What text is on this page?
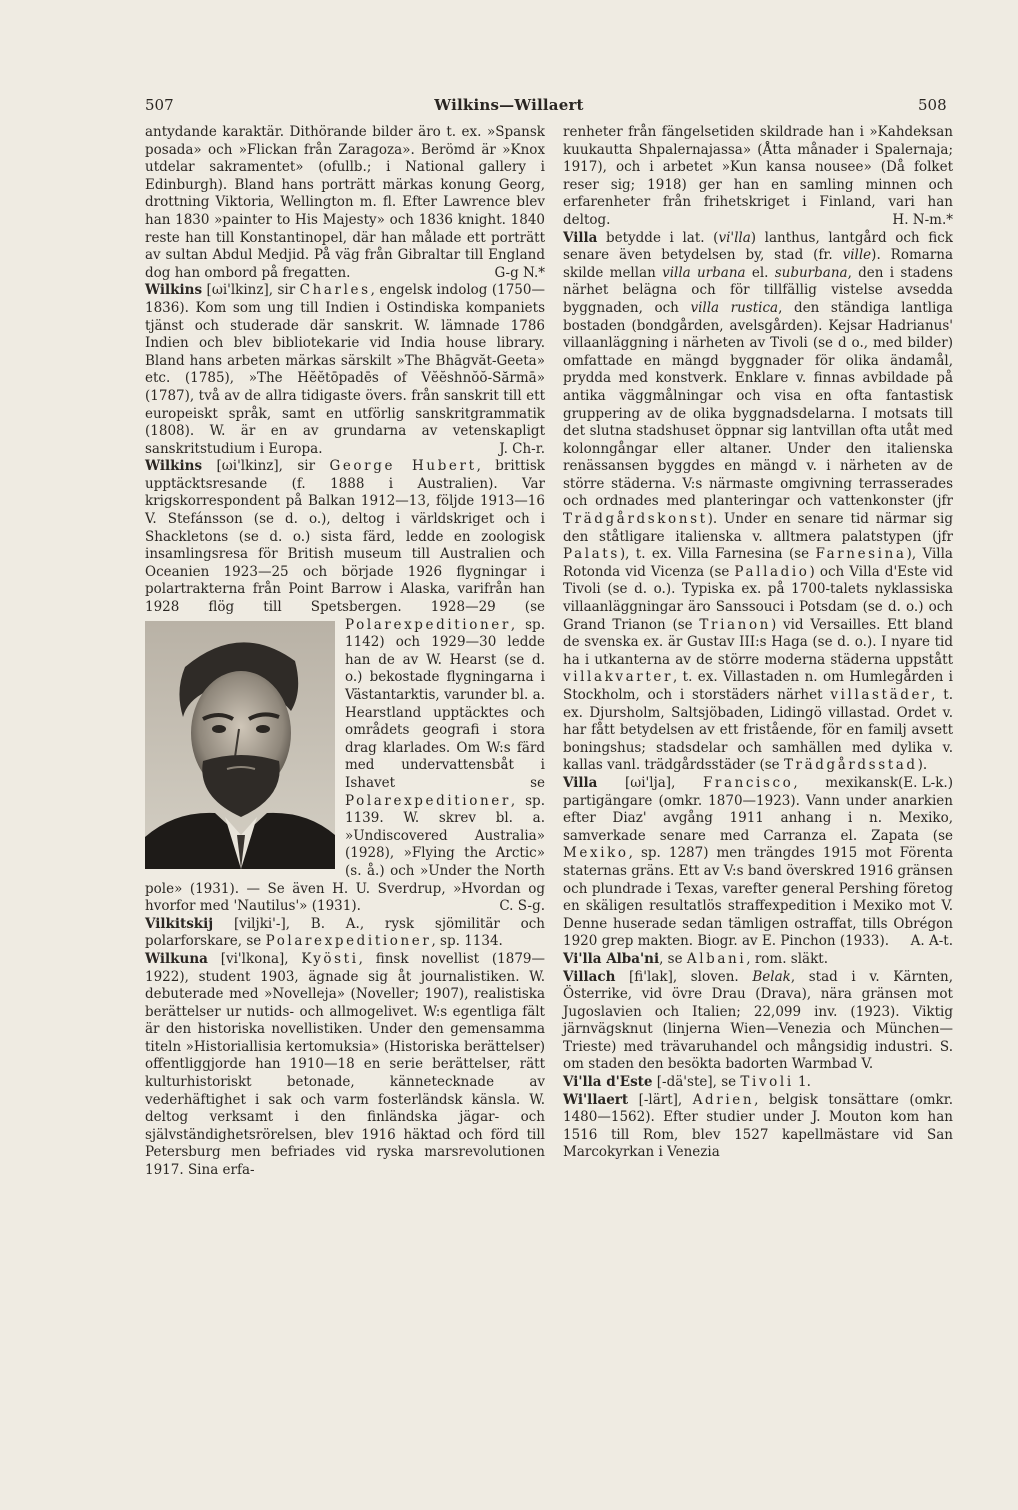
Wilkins—Willaert
507	508

antydande karaktär. Dithörande bilder äro t. ex. »Spansk posada» och »Flickan från Zaragoza». Berömd är »Knox utdelar sakramentet» (ofullb.; i National gallery i Edinburgh). Bland hans porträtt märkas konung Georg, drottning Viktoria, Wellington m. fl. Efter Lawrence blev han 1830 »painter to His Majesty» och 1836 knight. 1840 reste han till Konstantinopel, där han målade ett porträtt av sultan Abdul Medjid. På väg från Gibraltar till England dog han ombord på fregatten.	G-g N.*

Wilkins [ωi'lkinz], sir Charles, engelsk indolog (1750—1836). Kom som ung till Indien i Ostindiska kompaniets tjänst och studerade där sanskrit. W. lämnade 1786 Indien och blev bibliotekarie vid India house library. Bland hans arbeten märkas särskilt »The Bhāgvăt-Geeta» etc. (1785), »The Hĕĕtōpadēs of Vĕĕshnŏŏ-Sărmā» (1787), två av de allra tidigaste övers. från sanskrit till ett europeiskt språk, samt en utförlig sanskritgrammatik (1808). W. är en av grundarna av vetenskapligt sanskritstudium i Europa.	J. Ch-r.

Wilkins [ωi'lkinz], sir George Hubert, brittisk upptäcktsresande (f. 1888 i Australien). Var krigskorrespondent på Balkan 1912—13, följde 1913—16 V. Stefánsson (se d. o.), deltog i världskriget och i Shackletons (se d. o.) sista färd, ledde en zoologisk insamlingsresa för British museum till Australien och Oceanien 1923—25 och började 1926 flygningar i polartrakterna från Point Barrow i Alaska, varifrån han 1928 flög till Spetsbergen. 1928—29 (se
Polarexpeditioner, sp. 1142) och 1929—30 ledde han de av W. Hearst (se d. o.) bekostade flygningarna i Västantarktis, varunder bl. a. Hearstland upptäcktes och områdets geografi i stora drag klarlades. Om W:s färd med undervattensbåt i Ishavet se Polarexpeditioner, sp. 1139. W. skrev bl. a. »Undiscovered Australia» (1928), »Flying the Arctic» (s. å.) och »Under the North pole» (1931). — Se även H. U. Sverdrup, »Hvordan og hvorfor med 'Nautilus'» (1931).	C. S-g.

Vilkitskij [viljki'-], B. A., rysk sjömilitär och polarforskare, se Polarexpeditioner, sp. 1134.

Wilkuna [vi'lkona], Kyösti, finsk novellist (1879—1922), student 1903, ägnade sig åt journalistiken. W. debuterade med »Novelleja» (Noveller; 1907), realistiska berättelser ur nutids- och allmogelivet. W:s egentliga fält är den historiska novellistiken. Under den gemensamma titeln »Historiallisia kertomuksia» (Historiska berättelser) offentliggjorde han 1910—18 en serie berättelser, rätt kulturhistoriskt betonade, kännetecknade av vederhäftighet i sak och varm fosterländsk känsla. W. deltog verksamt i den finländska jägar- och självständighetsrörelsen, blev 1916 häktad och förd till Petersburg men befriades vid ryska marsrevolutionen 1917. Sina erfa-

renheter från fängelsetiden skildrade han i »Kahdeksan kuukautta Shpalernajassa» (Åtta månader i Spalernaja; 1917), och i arbetet »Kun kansa nousee» (Då folket reser sig; 1918) ger han en samling minnen och erfarenheter från frihetskriget i Finland, vari han deltog.	H. N-m.*

Villa betydde i lat. (vi'lla) lanthus, lantgård och fick senare även betydelsen by, stad (fr. ville). Romarna skilde mellan villa urbana el. suburbana, den i stadens närhet belägna och för tillfällig vistelse avsedda byggnaden, och villa rustica, den ständiga lantliga bostaden (bondgården, avelsgården). Kejsar Hadrianus' villaanläggning i närheten av Tivoli (se d o., med bilder) omfattade en mängd byggnader för olika ändamål, prydda med konstverk. Enklare v. finnas avbildade på antika väggmålningar och visa en ofta fantastisk gruppering av de olika byggnadsdelarna. I motsats till det slutna stadshuset öppnar sig lantvillan ofta utåt med kolonngångar eller altaner. Under den italienska renässansen byggdes en mängd v. i närheten av de större städerna. V:s närmaste omgivning terrasserades och ordnades med planteringar och vattenkonster (jfr Trädgårdskonst). Under en senare tid närmar sig den ståtligare italienska v. alltmera palatstypen (jfr Palats), t. ex. Villa Farnesina (se Farnesina), Villa Rotonda vid Vicenza (se Palladio) och Villa d'Este vid Tivoli (se d. o.). Typiska ex. på 1700-talets nyklassiska villaanläggningar äro Sanssouci i Potsdam (se d. o.) och Grand Trianon (se Trianon) vid Versailles. Ett bland de svenska ex. är Gustav III:s Haga (se d. o.). I nyare tid ha i utkanterna av de större moderna städerna uppstått villakvarter, t. ex. Villastaden n. om Humlegården i Stockholm, och i storstäders närhet villastäder, t. ex. Djursholm, Saltsjöbaden, Lidingö villastad. Ordet v. har fått betydelsen av ett fristående, för en familj avsett boningshus; stadsdelar och samhällen med dylika v. kallas vanl. trädgårdsstäder (se Trädgårdsstad).
(E. L-k.)

Villa [ωi'lja], Francisco, mexikansk partigängare (omkr. 1870—1923). Vann under anarkien efter Diaz' avgång 1911 anhang i n. Mexiko, samverkade senare med Carranza el. Zapata (se Mexiko, sp. 1287) men trängdes 1915 mot Förenta staternas gräns. Ett av V:s band överskred 1916 gränsen och plundrade i Texas, varefter general Pershing företog en skäligen resultatlös straffexpedition i Mexiko mot V. Denne huserade sedan tämligen ostraffat, tills Obrégon 1920 grep makten. Biogr. av E. Pinchon (1933). A. A-t.

Vi'lla Alba'ni, se Albani, rom. släkt.

Villach [fi'lak], sloven. Belak, stad i v. Kärnten, Österrike, vid övre Drau (Drava), nära gränsen mot Jugoslavien och Italien; 22,099 inv. (1923). Viktig järnvägsknut (linjerna Wien—Venezia och München—Trieste) med trävaruhandel och mångsidig industri. S. om staden den besökta badorten Warmbad V.

Vi'lla d'Este [-dä'ste], se Tivoli 1.

Wi'llaert [-lärt], Adrien, belgisk tonsättare (omkr. 1480—1562). Efter studier under J. Mouton kom han 1516 till Rom, blev 1527 kapellmästare vid San Marcokyrkan i Venezia
